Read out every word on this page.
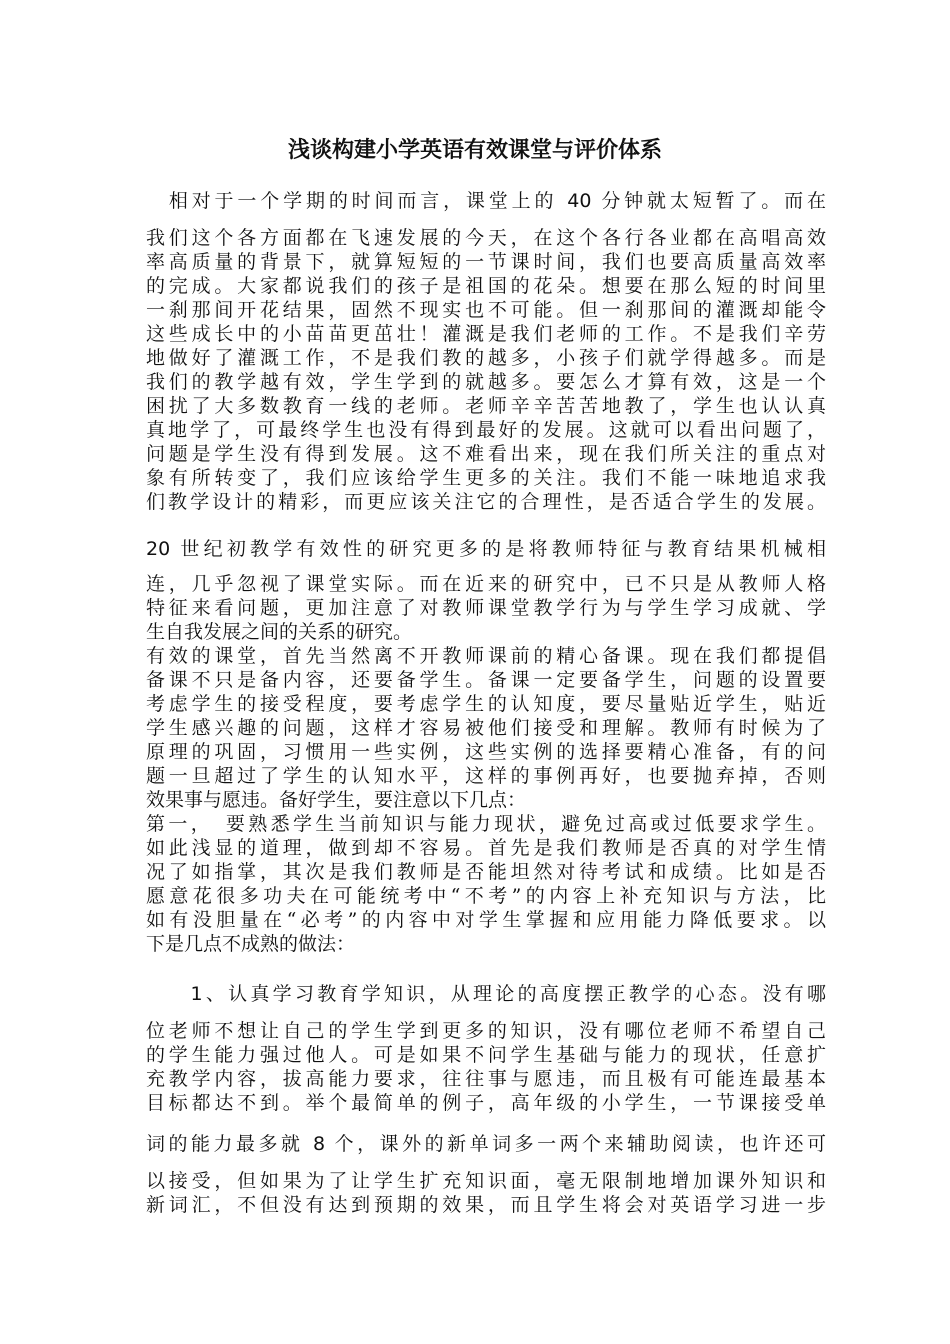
浅谈构建小学英语有效课堂与评价体系
　相对于一个学期的时间而言，课堂上的 40 分钟就太短暂了。而在
我们这个各方面都在飞速发展的今天，在这个各行各业都在高唱高效
率高质量的背景下，就算短短的一节课时间，我们也要高质量高效率
的完成。大家都说我们的孩子是祖国的花朵。想要在那么短的时间里
一刹那间开花结果，固然不现实也不可能。但一刹那间的灌溉却能令
这些成长中的小苗苗更茁壮！灌溉是我们老师的工作。不是我们辛劳
地做好了灌溉工作，不是我们教的越多，小孩子们就学得越多。而是
我们的教学越有效，学生学到的就越多。要怎么才算有效，这是一个
困扰了大多数教育一线的老师。老师辛辛苦苦地教了，学生也认认真
真地学了，可最终学生也没有得到最好的发展。这就可以看出问题了，
问题是学生没有得到发展。这不难看出来，现在我们所关注的重点对
象有所转变了，我们应该给学生更多的关注。我们不能一味地追求我
们教学设计的精彩，而更应该关注它的合理性，是否适合学生的发展。
20 世纪初教学有效性的研究更多的是将教师特征与教育结果机械相
连，几乎忽视了课堂实际。而在近来的研究中，已不只是从教师人格
特征来看问题，更加注意了对教师课堂教学行为与学生学习成就、学
生自我发展之间的关系的研究。
有效的课堂，首先当然离不开教师课前的精心备课。现在我们都提倡
备课不只是备内容，还要备学生。备课一定要备学生，问题的设置要
考虑学生的接受程度，要考虑学生的认知度，要尽量贴近学生，贴近
学生感兴趣的问题，这样才容易被他们接受和理解。教师有时候为了
原理的巩固，习惯用一些实例，这些实例的选择要精心准备，有的问
题一旦超过了学生的认知水平，这样的事例再好，也要抛弃掉，否则
效果事与愿违。备好学生，要注意以下几点：
第一，　要熟悉学生当前知识与能力现状，避免过高或过低要求学生。
如此浅显的道理，做到却不容易。首先是我们教师是否真的对学生情
况了如指掌，其次是我们教师是否能坦然对待考试和成绩。比如是否
愿意花很多功夫在可能统考中“不考”的内容上补充知识与方法，比
如有没胆量在“必考”的内容中对学生掌握和应用能力降低要求。以
下是几点不成熟的做法：
　　1、认真学习教育学知识，从理论的高度摆正教学的心态。没有哪
位老师不想让自己的学生学到更多的知识，没有哪位老师不希望自己
的学生能力强过他人。可是如果不问学生基础与能力的现状，任意扩
充教学内容，拔高能力要求，往往事与愿违，而且极有可能连最基本
目标都达不到。举个最简单的例子，高年级的小学生，一节课接受单
词的能力最多就 8 个，课外的新单词多一两个来辅助阅读，也许还可
以接受，但如果为了让学生扩充知识面，毫无限制地增加课外知识和
新词汇，不但没有达到预期的效果，而且学生将会对英语学习进一步
